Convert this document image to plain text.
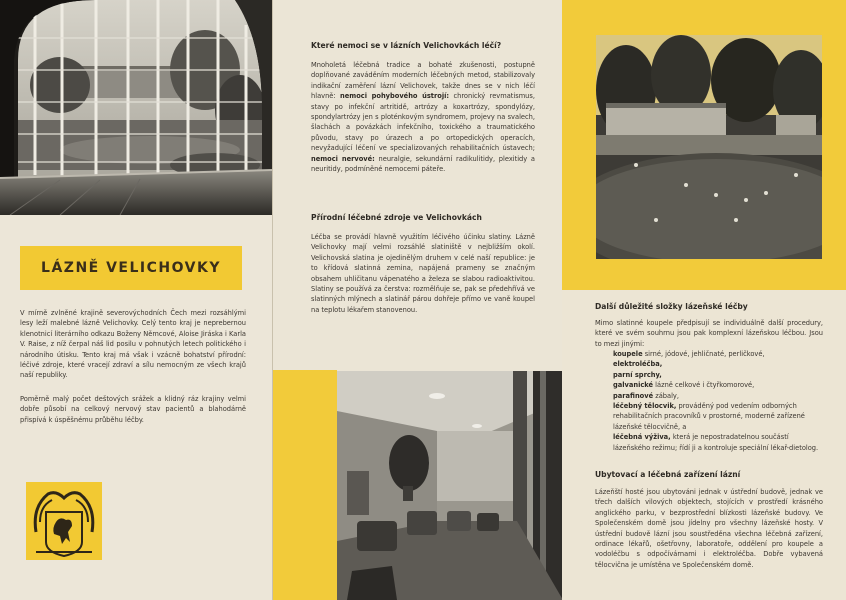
LÁZNĚ VELICHOVKY
V mírně zvlněné krajině severovýchodních Čech mezi rozsáhlými lesy leží malebné lázně Velichovky. Celý tento kraj je neprebernou klenotnicí literárního odkazu Boženy Němcové, Aloise Jiráska i Karla V. Raise, z níž čerpal náš lid posilu v pohnutých letech politického i národního útisku. Tento kraj má však i vzácně bohatství přírodní: léčivé zdroje, které vracejí zdraví a sílu nemocným ze všech krajů naší republiky.
Poměrně malý počet deštových srážek a klidný ráz krajiny velmi dobře působí na celkový nervový stav pacientů a blahodárně přispívá k úspěšnému průběhu léčby.
Které nemoci se v lázních Velichovkách léčí?
Mnoholetá léčebná tradice a bohaté zkušenosti, postupně doplňované zaváděním moderních léčebných metod, stabilizovaly indikační zaměření lázní Velichovek, takže dnes se v nich léčí hlavně: nemoci pohybového ústrojí: chronický revmatismus, stavy po infekční artritidě, artrózy a koxartrózy, spondylózy, spondylartrózy jen s ploténkovým syndromem, projevy na svalech, šlachách a povázkách infekčního, toxického a traumatického původu, stavy po úrazech a po ortopedických operacích, nevyžadující léčení ve specializovaných rehabilitačních ústavech; nemoci nervové: neuralgie, sekundární radikulitidy, plexitidy a neuritidy, podmíněné nemocemi páteře.
Přírodní léčebné zdroje ve Velichovkách
Léčba se provádí hlavně využitím léčivého účinku slatiny. Lázně Velichovky mají velmi rozsáhlé slatiniště v nejbližším okolí. Velichovská slatina je ojedinělým druhem v celé naší republice: je to křídová slatinná zemina, napájená prameny se značným obsahem uhličitanu vápenatého a železa se slabou radioaktivitou. Slatiny se používá za čerstva: rozmělňuje se, pak se předehřívá ve slatinných mlýnech a slatinář párou dohřeje přímo ve vaně koupel na teplotu lékařem stanovenou.	Další důležité složky lázeňské léčby
Mimo slatinné koupele předpisují se individuálně další procedury, které ve svém souhrnu jsou pak komplexní lázeňskou léčbou. Jsou to mezi jinými:
koupele sirné, jódové, jehličnaté, perličkové,
elektroléčba,
parní sprchy,
galvanické lázně celkové i čtyřkomorové,
parafinové zábaly,
léčebný tělocvik, prováděný pod vedením odborných rehabilitačních pracovníků v prostorné, moderně zařízené lázeňské tělocvičně, a
léčebná výživa, která je nepostradatelnou součástí lázeňského režimu; řídí ji a kontroluje speciální lékař-dietolog.
Ubytovací a léčebná zařízení lázní
Lázeňští hosté jsou ubytováni jednak v ústřední budově, jednak ve třech dalších vilových objektech, stojících v prostředí krásného anglického parku, v bezprostřední blízkosti lázeňské budovy. Ve Společenském domě jsou jídelny pro všechny lázeňské hosty. V ústřední budově lázní jsou soustředěna všechna léčebná zařízení, ordinace lékařů, ošetřovny, laboratoře, oddělení pro koupele a vodoléčbu s odpočívárnami i elektroléčba. Dobře vybavená tělocvična je umístěna ve Společenském domě.
